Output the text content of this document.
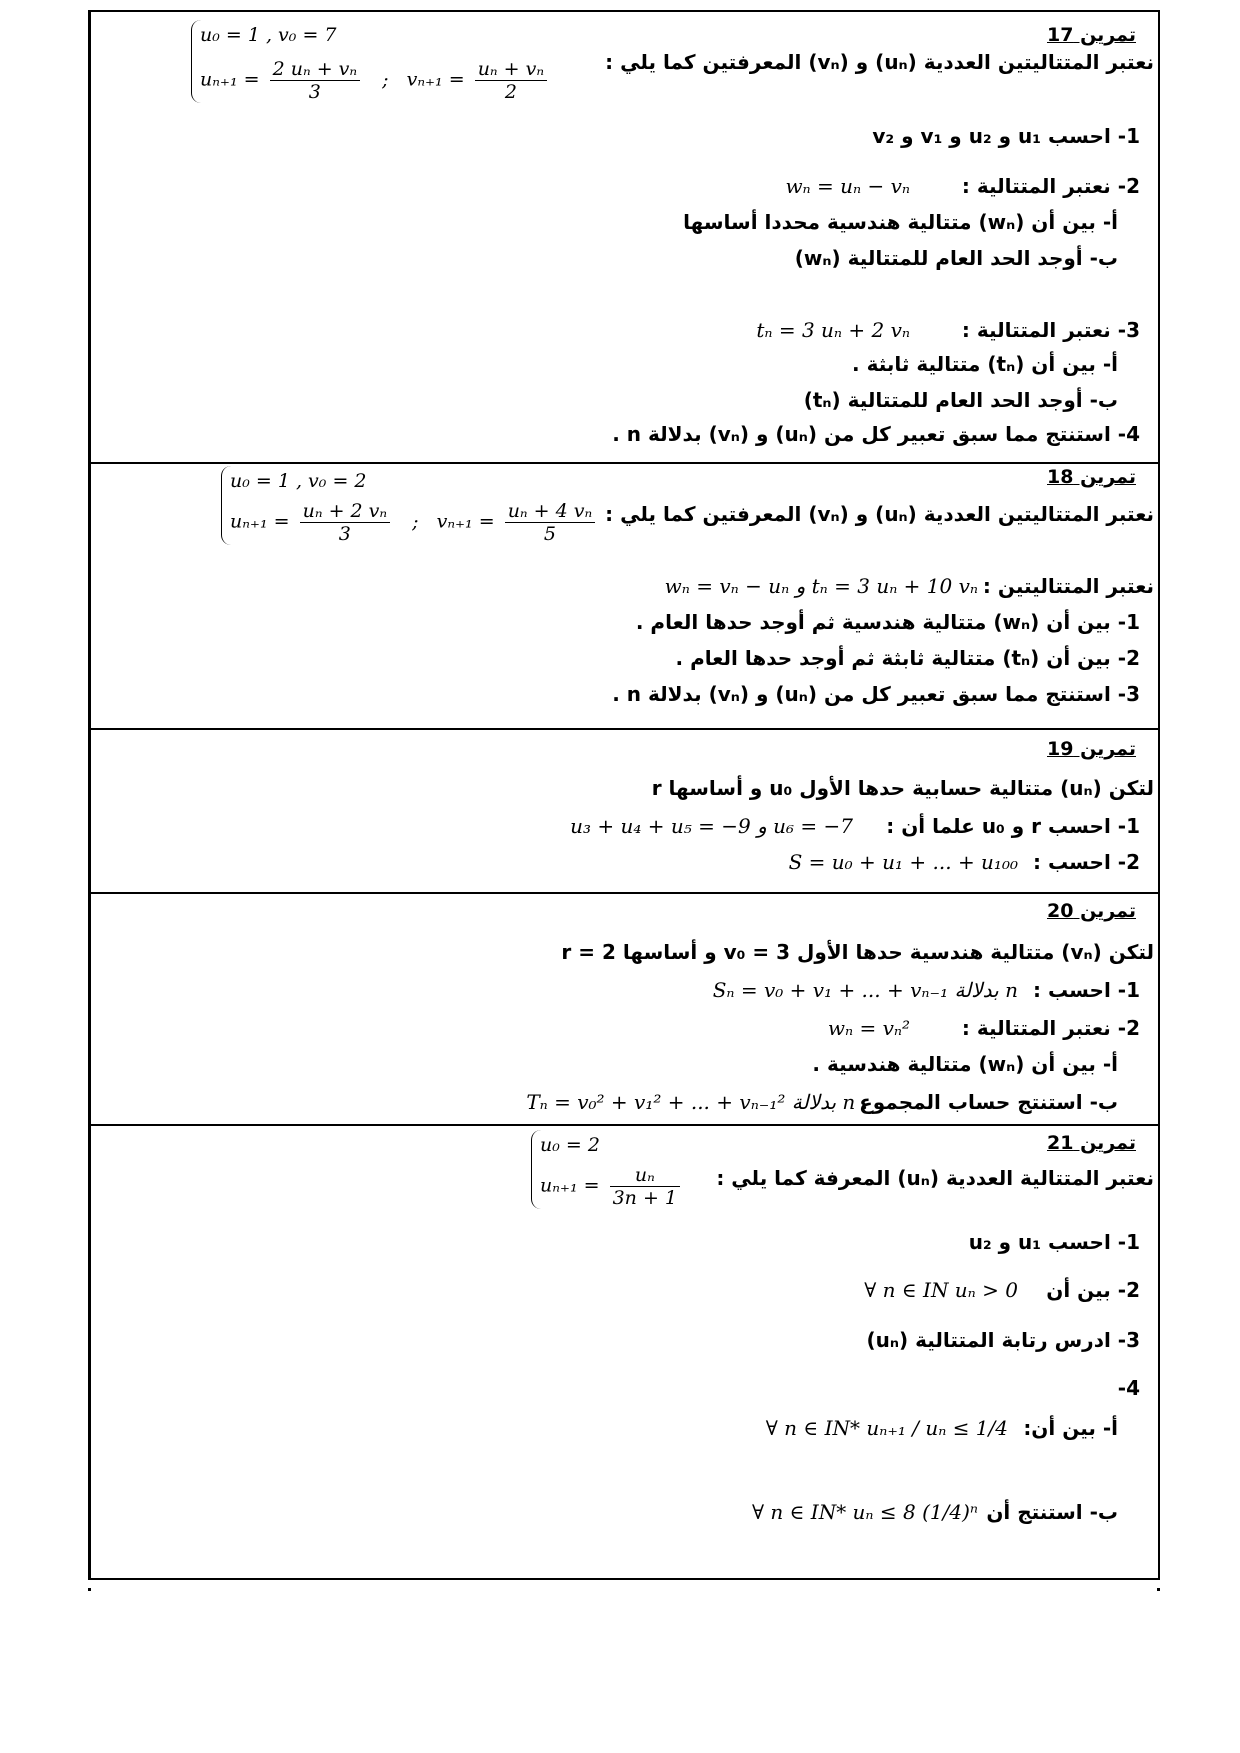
تمرين 17
u₀ = 1 , v₀ = 7
$u_{n+1} = \frac{\text{2 uₙ + vₙ}}{3}$ ; $v_{n+1} = \frac{\text{uₙ + vₙ}}{2}$	نعتبر المتتاليتين العددية (uₙ) و (vₙ) المعرفتين كما يلي :
1- احسب u₁ و u₂ و v₁ و v₂
2- نعتبر المتتالية :
wₙ = uₙ − vₙ
أ- بين أن (wₙ) متتالية هندسية محددا أساسها
ب- أوجد الحد العام للمتتالية (wₙ)
3- نعتبر المتتالية :
tₙ = 3 uₙ + 2 vₙ
أ- بين أن (tₙ) متتالية ثابثة .
ب- أوجد الحد العام للمتتالية (tₙ)
4- استنتج مما سبق تعبير كل من (uₙ) و (vₙ) بدلالة n .
تمرين 18
u₀ = 1 , v₀ = 2
$u_{n+1} = \frac{\text{uₙ + 2 vₙ}}{3}$ ; $v_{n+1} = \frac{\text{uₙ + 4 vₙ}}{5}$ نعتبر المتتاليتين العددية (uₙ) و (vₙ) المعرفتين كما يلي :
نعتبر المتتاليتين :
wₙ = vₙ − uₙ و tₙ = 3 uₙ + 10 vₙ
1- بين أن (wₙ) متتالية هندسية ثم أوجد حدها العام .
2- بين أن (tₙ) متتالية ثابثة ثم أوجد حدها العام .
3- استنتج مما سبق تعبير كل من (uₙ) و (vₙ) بدلالة n .
تمرين 19
لتكن (uₙ) متتالية حسابية حدها الأول u₀ و أساسها r
1- احسب r و u₀ علما أن :
u₃ + u₄ + u₅ = −9 و u₆ = −7
2- احسب :
S = u₀ + u₁ + ... + u₁₀₀
تمرين 20
لتكن (vₙ) متتالية هندسية حدها الأول v₀ = 3 و أساسها r = 2
1- احسب :
Sₙ = v₀ + v₁ + ... + vₙ₋₁ بدلالة n
2- نعتبر المتتالية :
wₙ = vₙ²
أ- بين أن (wₙ) متتالية هندسية .
ب- استنتج حساب المجموع
Tₙ = v₀² + v₁² + ... + vₙ₋₁² بدلالة n .
تمرين 21
u₀ = 2
$u_{n+1} = \frac{\text{uₙ}}{3n + 1}$ نعتبر المتتالية العددية (uₙ) المعرفة كما يلي :
1- احسب u₁ و u₂
2- بين أن
∀ n ∈ IN uₙ > 0
3- ادرس رتابة المتتالية (uₙ)
4-
أ- بين أن:
∀ n ∈ IN* uₙ₊₁ / uₙ ≤ 1/4
ب- استنتج أن
∀ n ∈ IN* uₙ ≤ 8 (1/4)ⁿ
